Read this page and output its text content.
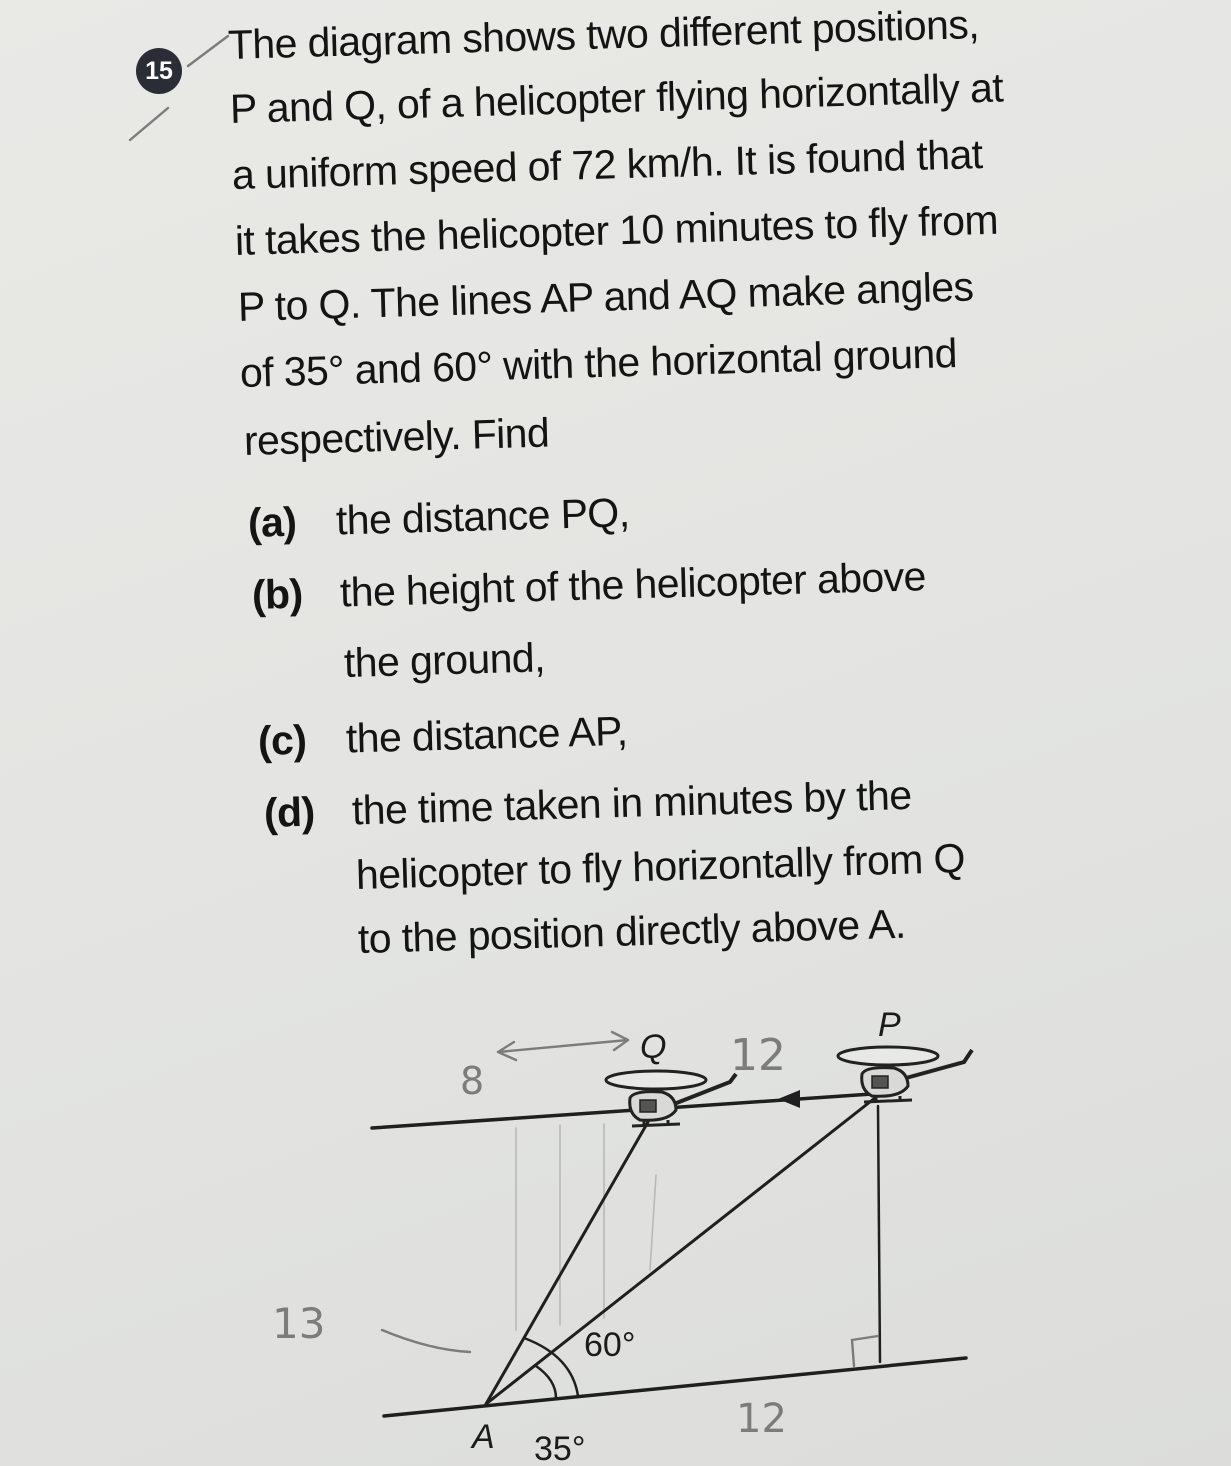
15
The diagram shows two different positions,
P and Q, of a helicopter flying horizontally at
a uniform speed of 72 km/h. It is found that
it takes the helicopter 10 minutes to fly from
P to Q. The lines AP and AQ make angles
of 35° and 60° with the horizontal ground
respectively. Find
(a) the distance PQ,
(b) the height of the helicopter above
the ground,
(c) the distance AP,
(d) the time taken in minutes by the
helicopter to fly horizontally from Q
to the position directly above A.
Q
P
A
60°
35°
8	12
12
13
